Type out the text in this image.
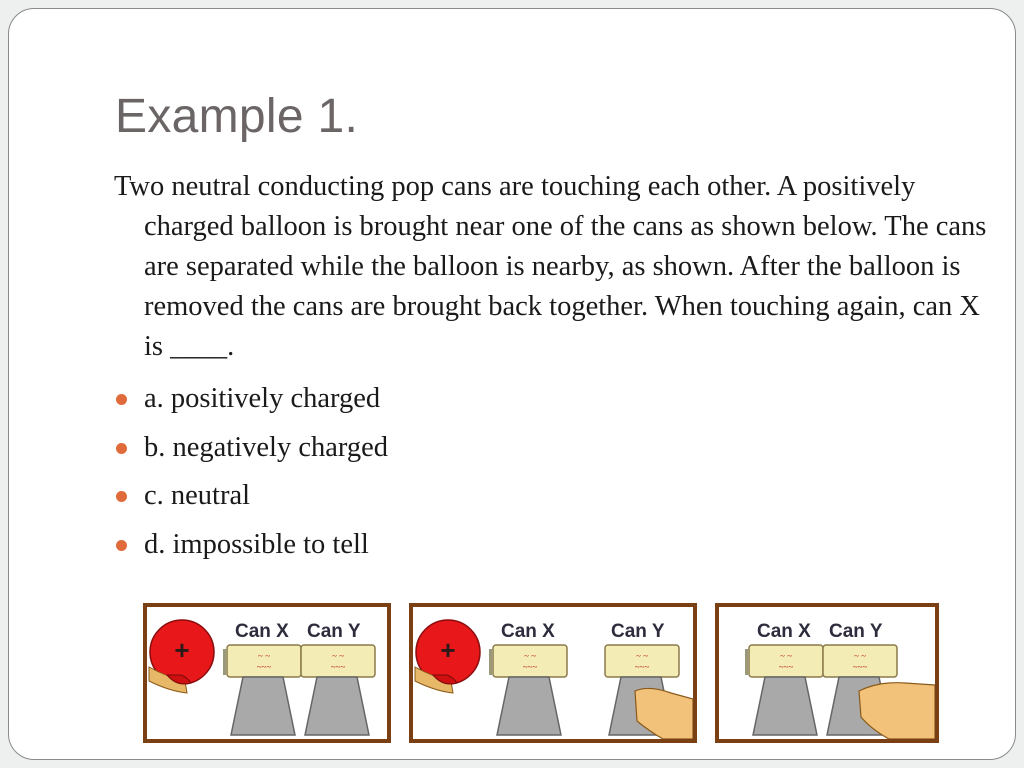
Example 1.
Two neutral conducting pop cans are touching each other. A positively charged balloon is brought near one of the cans as shown below. The cans are separated while the balloon is nearby, as shown. After the balloon is removed the cans are brought back together. When touching again, can X is ____.
a. positively charged
b. negatively charged
c. neutral
d. impossible to tell
+
Can X Can Y
~ ~
~~~
~ ~
~~~
+
Can X	Can Y
~ ~
~~~
~ ~
~~~
Can X Can Y
~ ~
~~~
~ ~
~~~
